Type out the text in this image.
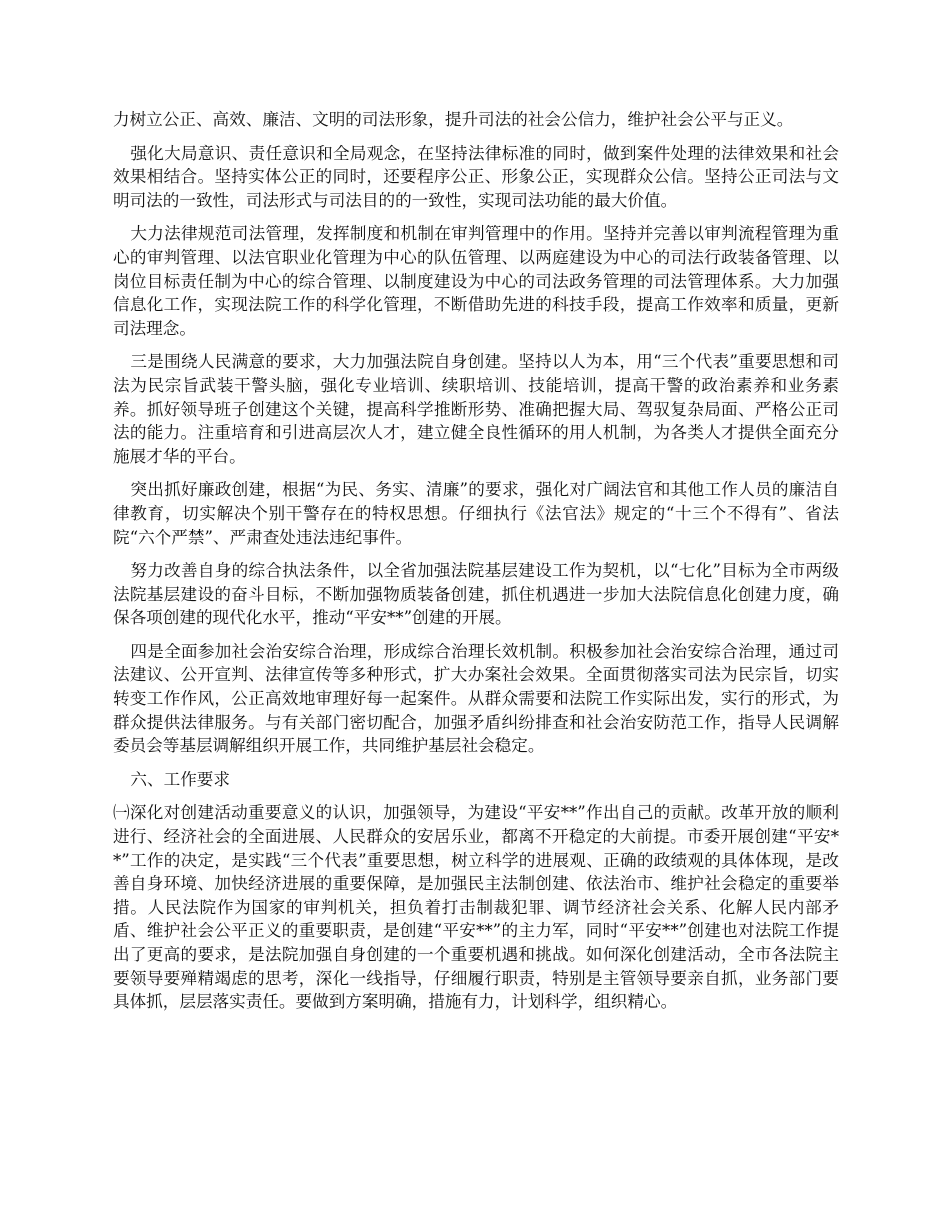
力树立公正、高效、廉洁、文明的司法形象，提升司法的社会公信力，维护社会公平与正义。

强化大局意识、责任意识和全局观念，在坚持法律标准的同时，做到案件处理的法律效果和社会效果相结合。坚持实体公正的同时，还要程序公正、形象公正，实现群众公信。坚持公正司法与文明司法的一致性，司法形式与司法目的的一致性，实现司法功能的最大价值。

大力法律规范司法管理，发挥制度和机制在审判管理中的作用。坚持并完善以审判流程管理为重心的审判管理、以法官职业化管理为中心的队伍管理、以两庭建设为中心的司法行政装备管理、以岗位目标责任制为中心的综合管理、以制度建设为中心的司法政务管理的司法管理体系。大力加强信息化工作，实现法院工作的科学化管理，不断借助先进的科技手段，提高工作效率和质量，更新司法理念。

三是围绕人民满意的要求，大力加强法院自身创建。坚持以人为本，用“三个代表”重要思想和司法为民宗旨武装干警头脑，强化专业培训、续职培训、技能培训，提高干警的政治素养和业务素养。抓好领导班子创建这个关键，提高科学推断形势、准确把握大局、驾驭复杂局面、严格公正司法的能力。注重培育和引进高层次人才，建立健全良性循环的用人机制，为各类人才提供全面充分施展才华的平台。

突出抓好廉政创建，根据“为民、务实、清廉”的要求，强化对广阔法官和其他工作人员的廉洁自律教育，切实解决个别干警存在的特权思想。仔细执行《法官法》规定的“十三个不得有”、省法院“六个严禁”、严肃查处违法违纪事件。

努力改善自身的综合执法条件，以全省加强法院基层建设工作为契机，以“七化”目标为全市两级法院基层建设的奋斗目标，不断加强物质装备创建，抓住机遇进一步加大法院信息化创建力度，确保各项创建的现代化水平，推动“平安**”创建的开展。

四是全面参加社会治安综合治理，形成综合治理长效机制。积极参加社会治安综合治理，通过司法建议、公开宣判、法律宣传等多种形式，扩大办案社会效果。全面贯彻落实司法为民宗旨，切实转变工作作风，公正高效地审理好每一起案件。从群众需要和法院工作实际出发，实行的形式，为群众提供法律服务。与有关部门密切配合，加强矛盾纠纷排查和社会治安防范工作，指导人民调解委员会等基层调解组织开展工作，共同维护基层社会稳定。

六、工作要求

㈠深化对创建活动重要意义的认识，加强领导，为建设“平安**”作出自己的贡献。改革开放的顺利进行、经济社会的全面进展、人民群众的安居乐业，都离不开稳定的大前提。市委开展创建“平安**”工作的决定，是实践“三个代表”重要思想，树立科学的进展观、正确的政绩观的具体体现，是改善自身环境、加快经济进展的重要保障，是加强民主法制创建、依法治市、维护社会稳定的重要举措。人民法院作为国家的审判机关，担负着打击制裁犯罪、调节经济社会关系、化解人民内部矛盾、维护社会公平正义的重要职责，是创建“平安**”的主力军，同时“平安**”创建也对法院工作提出了更高的要求，是法院加强自身创建的一个重要机遇和挑战。如何深化创建活动，全市各法院主要领导要殚精竭虑的思考，深化一线指导，仔细履行职责，特别是主管领导要亲自抓，业务部门要具体抓，层层落实责任。要做到方案明确，措施有力，计划科学，组织精心。
